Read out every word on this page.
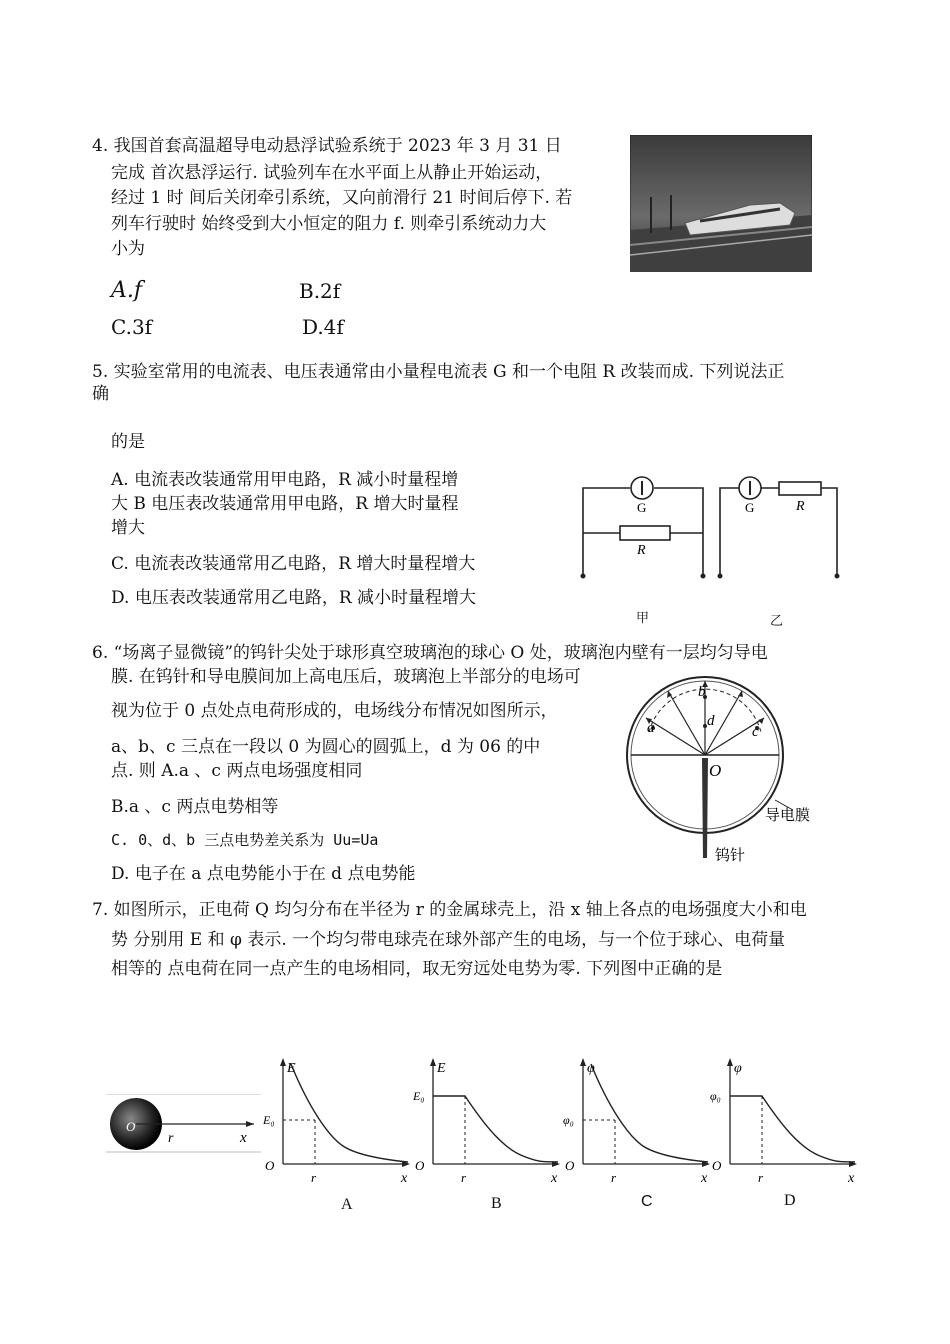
4. 我国首套高温超导电动悬浮试验系统于 2023 年 3 月 31 日
完成 首次悬浮运行. 试验列车在水平面上从静止开始运动，
经过 1 时 间后关闭牵引系统，又向前滑行 21 时间后停下. 若
列车行驶时 始终受到大小恒定的阻力 f. 则牵引系统动力大
小为
A.f	B.2f
C.3f	D.4f
5. 实验室常用的电流表、电压表通常由小量程电流表 G 和一个电阻 R 改装而成. 下列说法正
确
的是
A. 电流表改装通常用甲电路，R 减小时量程增
大 B 电压表改装通常用甲电路，R 增大时量程
增大
C. 电流表改装通常用乙电路，R 增大时量程增大
D. 电压表改装通常用乙电路，R 减小时量程增大
G
R
G	R
甲	乙
6. “场离子显微镜”的钨针尖处于球形真空玻璃泡的球心 O 处，玻璃泡内壁有一层均匀导电
膜. 在钨针和导电膜间加上高电压后，玻璃泡上半部分的电场可
视为位于 0 点处点电荷形成的，电场线分布情况如图所示，
a、b、c 三点在一段以 0 为圆心的圆弧上，d 为 06 的中
点. 则 A.a 、c 两点电场强度相同
B.a 、c 两点电势相等
C. 0、d、b 三点电势差关系为 Uu=Ua
D. 电子在 a 点电势能小于在 d 点电势能
a
b
c
d
O
导电膜
钨针
7. 如图所示，正电荷 Q 均匀分布在半径为 r 的金属球壳上，沿 x 轴上各点的电场强度大小和电
势 分别用 E 和 φ 表示. 一个均匀带电球壳在球外部产生的电场，与一个位于球心、电荷量
相等的 点电荷在同一点产生的电场相同，取无穷远处电势为零. 下列图中正确的是
O
r	x
E
E₀
O
r	x
E
E₀
O
r	x
φ
φ₀
O
r	x
φ
φ₀
O
r	x
A	B	C	D
